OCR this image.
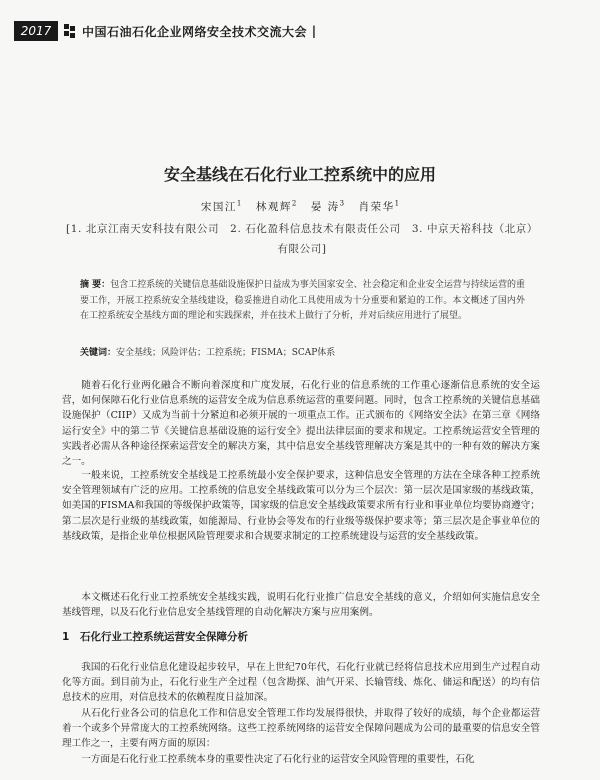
2017	中国石油石化企业网络安全技术交流大会 |
安全基线在石化行业工控系统中的应用
宋国江$^1$ 林观辉$^2$ 晏 涛$^3$ 肖荣华$^1$
[1. 北京江南天安科技有限公司　2. 石化盈科信息技术有限责任公司　3. 中京天裕科技（北京）有限公司]
摘 要：包含工控系统的关键信息基础设施保护日益成为事关国家安全、社会稳定和企业安全运营与持续运营的重要工作，开展工控系统安全基线建设，稳妥推进自动化工具使用成为十分重要和紧迫的工作。本文概述了国内外在工控系统安全基线方面的理论和实践探索，并在技术上做行了分析，并对后续应用进行了展望。
关键词：安全基线；风险评估；工控系统；FISMA；SCAP体系

随着石化行业两化融合不断向着深度和广度发展，石化行业的信息系统的工作重心逐渐信息系统的安全运营，如何保障石化行业信息系统的运营安全成为信息系统运营的重要问题。同时，包含工控系统的关键信息基础设施保护（CIIP）又成为当前十分紧迫和必须开展的一项重点工作。正式颁布的《网络安全法》在第三章《网络运行安全》中的第二节《关键信息基础设施的运行安全》提出法律层面的要求和规定。工控系统运营安全管理的实践者必需从各种途径探索运营安全的解决方案，其中信息安全基线管理解决方案是其中的一种有效的解决方案之一。

一般来说，工控系统安全基线是工控系统最小安全保护要求，这种信息安全管理的方法在全球各种工控系统安全管理领域有广泛的应用。工控系统的信息安全基线政策可以分为三个层次：第一层次是国家级的基线政策，如美国的FISMA和我国的等级保护政策等，国家级的信息安全基线政策要求所有行业和事业单位均要协商遵守；第二层次是行业级的基线政策，如能源局、行业协会等发布的行业级等级保护要求等；第三层次是企事业单位的基线政策，是指企业单位根据风险管理要求和合规要求制定的工控系统建设与运营的安全基线政策。

本文概述石化行业工控系统安全基线实践，说明石化行业推广信息安全基线的意义，介绍如何实施信息安全基线管理，以及石化行业信息安全基线管理的自动化解决方案与应用案例。

1 石化行业工控系统运营安全保障分析

我国的石化行业信息化建设起步较早，早在上世纪70年代，石化行业就已经将信息技术应用到生产过程自动化等方面。到目前为止，石化行业生产全过程（包含勘探、油气开采、长输管线、炼化、储运和配送）的均有信息技术的应用，对信息技术的依赖程度日益加深。

从石化行业各公司的信息化工作和信息安全管理工作均发展得很快，并取得了较好的成绩，每个企业都运营着一个或多个异常庞大的工控系统网络。这些工控系统网络的运营安全保障问题成为公司的最重要的信息安全管理工作之一，主要有两方面的原因：

一方面是石化行业工控系统本身的重要性决定了石化行业的运营安全风险管理的重要性，石化
